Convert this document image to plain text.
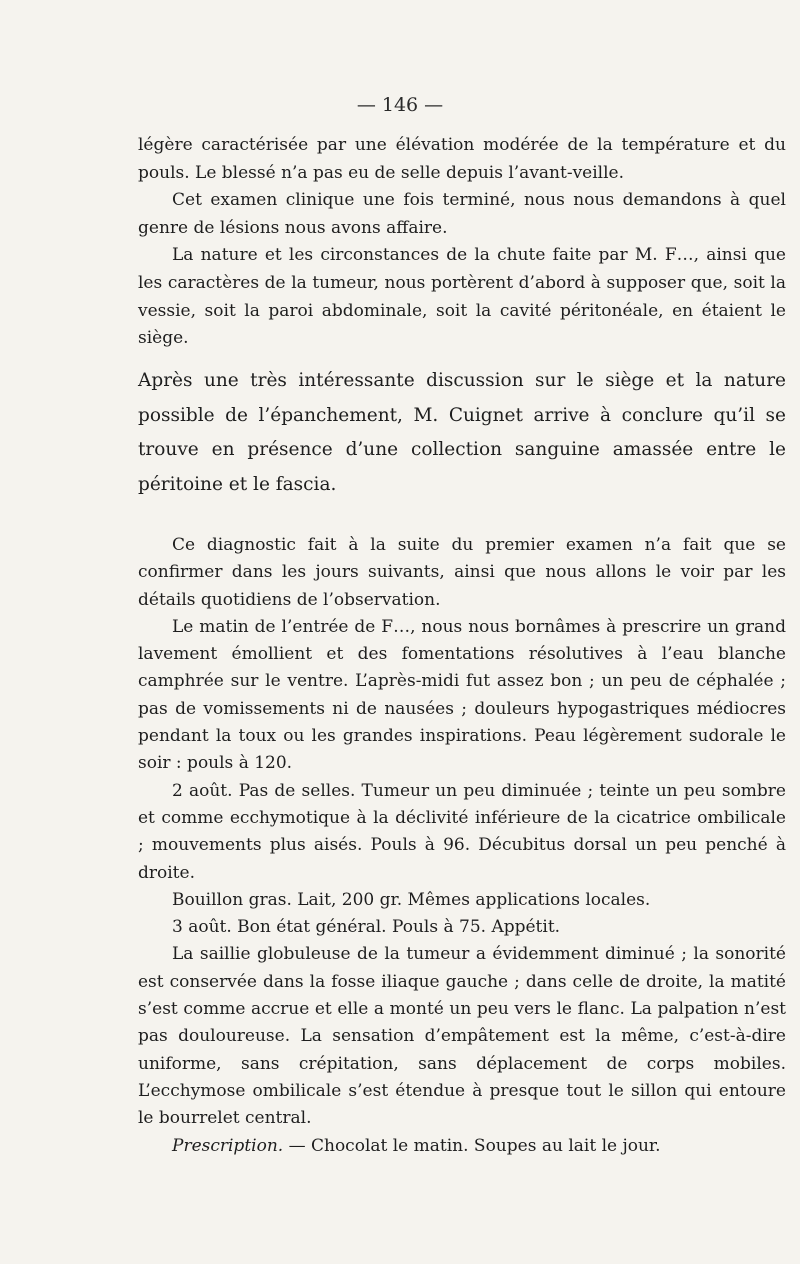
— 146 —

légère caractérisée par une élévation modérée de la température et du pouls. Le blessé n’a pas eu de selle depuis l’avant-veille.

Cet examen clinique une fois terminé, nous nous demandons à quel genre de lésions nous avons affaire.

La nature et les circonstances de la chute faite par M. F…, ainsi que les caractères de la tumeur, nous portèrent d’abord à supposer que, soit la vessie, soit la paroi abdominale, soit la cavité péritonéale, en étaient le siège.

Après une très intéressante discussion sur le siège et la nature possible de l’épanchement, M. Cuignet arrive à conclure qu’il se trouve en présence d’une collection sanguine amassée entre le péritoine et le fascia.

Ce diagnostic fait à la suite du premier examen n’a fait que se confirmer dans les jours suivants, ainsi que nous allons le voir par les détails quotidiens de l’observation.

Le matin de l’entrée de F…, nous nous bornâmes à prescrire un grand lavement émollient et des fomentations résolutives à l’eau blanche camphrée sur le ventre. L’après-midi fut assez bon ; un peu de céphalée ; pas de vomissements ni de nausées ; douleurs hypogastriques médiocres pendant la toux ou les grandes inspirations. Peau légèrement sudorale le soir : pouls à 120.

2 août. Pas de selles. Tumeur un peu diminuée ; teinte un peu sombre et comme ecchymotique à la déclivité inférieure de la cicatrice ombilicale ; mouvements plus aisés. Pouls à 96. Décubitus dorsal un peu penché à droite.

Bouillon gras. Lait, 200 gr. Mêmes applications locales.

3 août. Bon état général. Pouls à 75. Appétit.

La saillie globuleuse de la tumeur a évidemment diminué ; la sonorité est conservée dans la fosse iliaque gauche ; dans celle de droite, la matité s’est comme accrue et elle a monté un peu vers le flanc. La palpation n’est pas douloureuse. La sensation d’empâtement est la même, c’est-à-dire uniforme, sans crépitation, sans déplacement de corps mobiles. L’ecchymose ombilicale s’est étendue à presque tout le sillon qui entoure le bourrelet central.

Prescription. — Chocolat le matin. Soupes au lait le jour.
